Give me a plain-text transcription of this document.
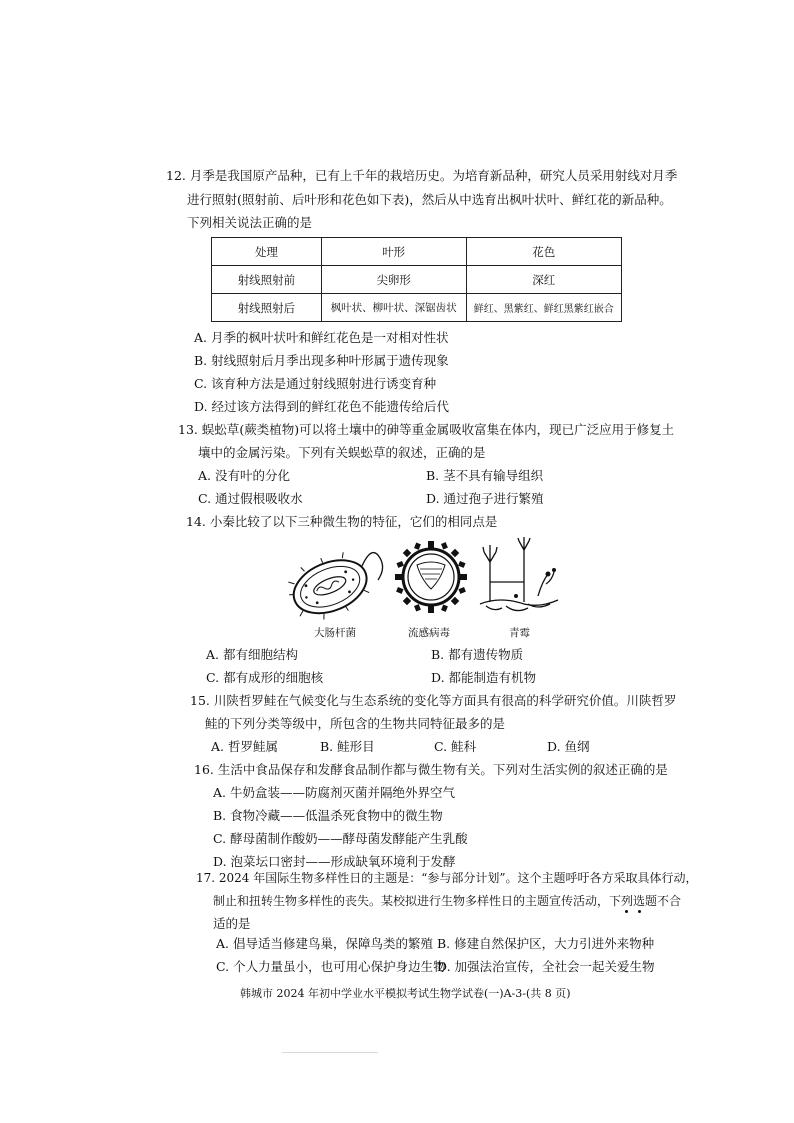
12. 月季是我国原产品种，已有上千年的栽培历史。为培育新品种，研究人员采用射线对月季
进行照射(照射前、后叶形和花色如下表)，然后从中选育出枫叶状叶、鲜红花的新品种。
下列相关说法正确的是
处理	叶形	花色
射线照射前	尖卵形	深红
射线照射后	枫叶状、柳叶状、深锯齿状	鲜红、黑紫红、鲜红黑紫红嵌合
A. 月季的枫叶状叶和鲜红花色是一对相对性状
B. 射线照射后月季出现多种叶形属于遗传现象
C. 该育种方法是通过射线照射进行诱变育种
D. 经过该方法得到的鲜红花色不能遗传给后代
13. 蜈蚣草(蕨类植物)可以将土壤中的砷等重金属吸收富集在体内，现已广泛应用于修复土
壤中的金属污染。下列有关蜈蚣草的叙述，正确的是
A. 没有叶的分化	B. 茎不具有输导组织
C. 通过假根吸收水	D. 通过孢子进行繁殖
14. 小秦比较了以下三种微生物的特征，它们的相同点是
大肠杆菌	流感病毒	青霉
A. 都有细胞结构	B. 都有遗传物质
C. 都有成形的细胞核	D. 都能制造有机物
15. 川陕哲罗鲑在气候变化与生态系统的变化等方面具有很高的科学研究价值。川陕哲罗
鲑的下列分类等级中，所包含的生物共同特征最多的是
A. 哲罗鲑属	B. 鲑形目	C. 鲑科	D. 鱼纲
16. 生活中食品保存和发酵食品制作都与微生物有关。下列对生活实例的叙述正确的是
A. 牛奶盒装——防腐剂灭菌并隔绝外界空气
B. 食物冷藏——低温杀死食物中的微生物
C. 酵母菌制作酸奶——酵母菌发酵能产生乳酸
D. 泡菜坛口密封——形成缺氧环境利于发酵
17. 2024 年国际生物多样性日的主题是：“参与部分计划”。这个主题呼吁各方采取具体行动，
制止和扭转生物多样性的丧失。某校拟进行生物多样性日的主题宣传活动，下列选题不合
适的是
A. 倡导适当修建鸟巢，保障鸟类的繁殖 B. 修建自然保护区，大力引进外来物种
C. 个人力量虽小，也可用心保护身边生物
D. 加强法治宣传，全社会一起关爱生物
韩城市 2024 年初中学业水平模拟考试生物学试卷(一)A-3-(共 8 页)
